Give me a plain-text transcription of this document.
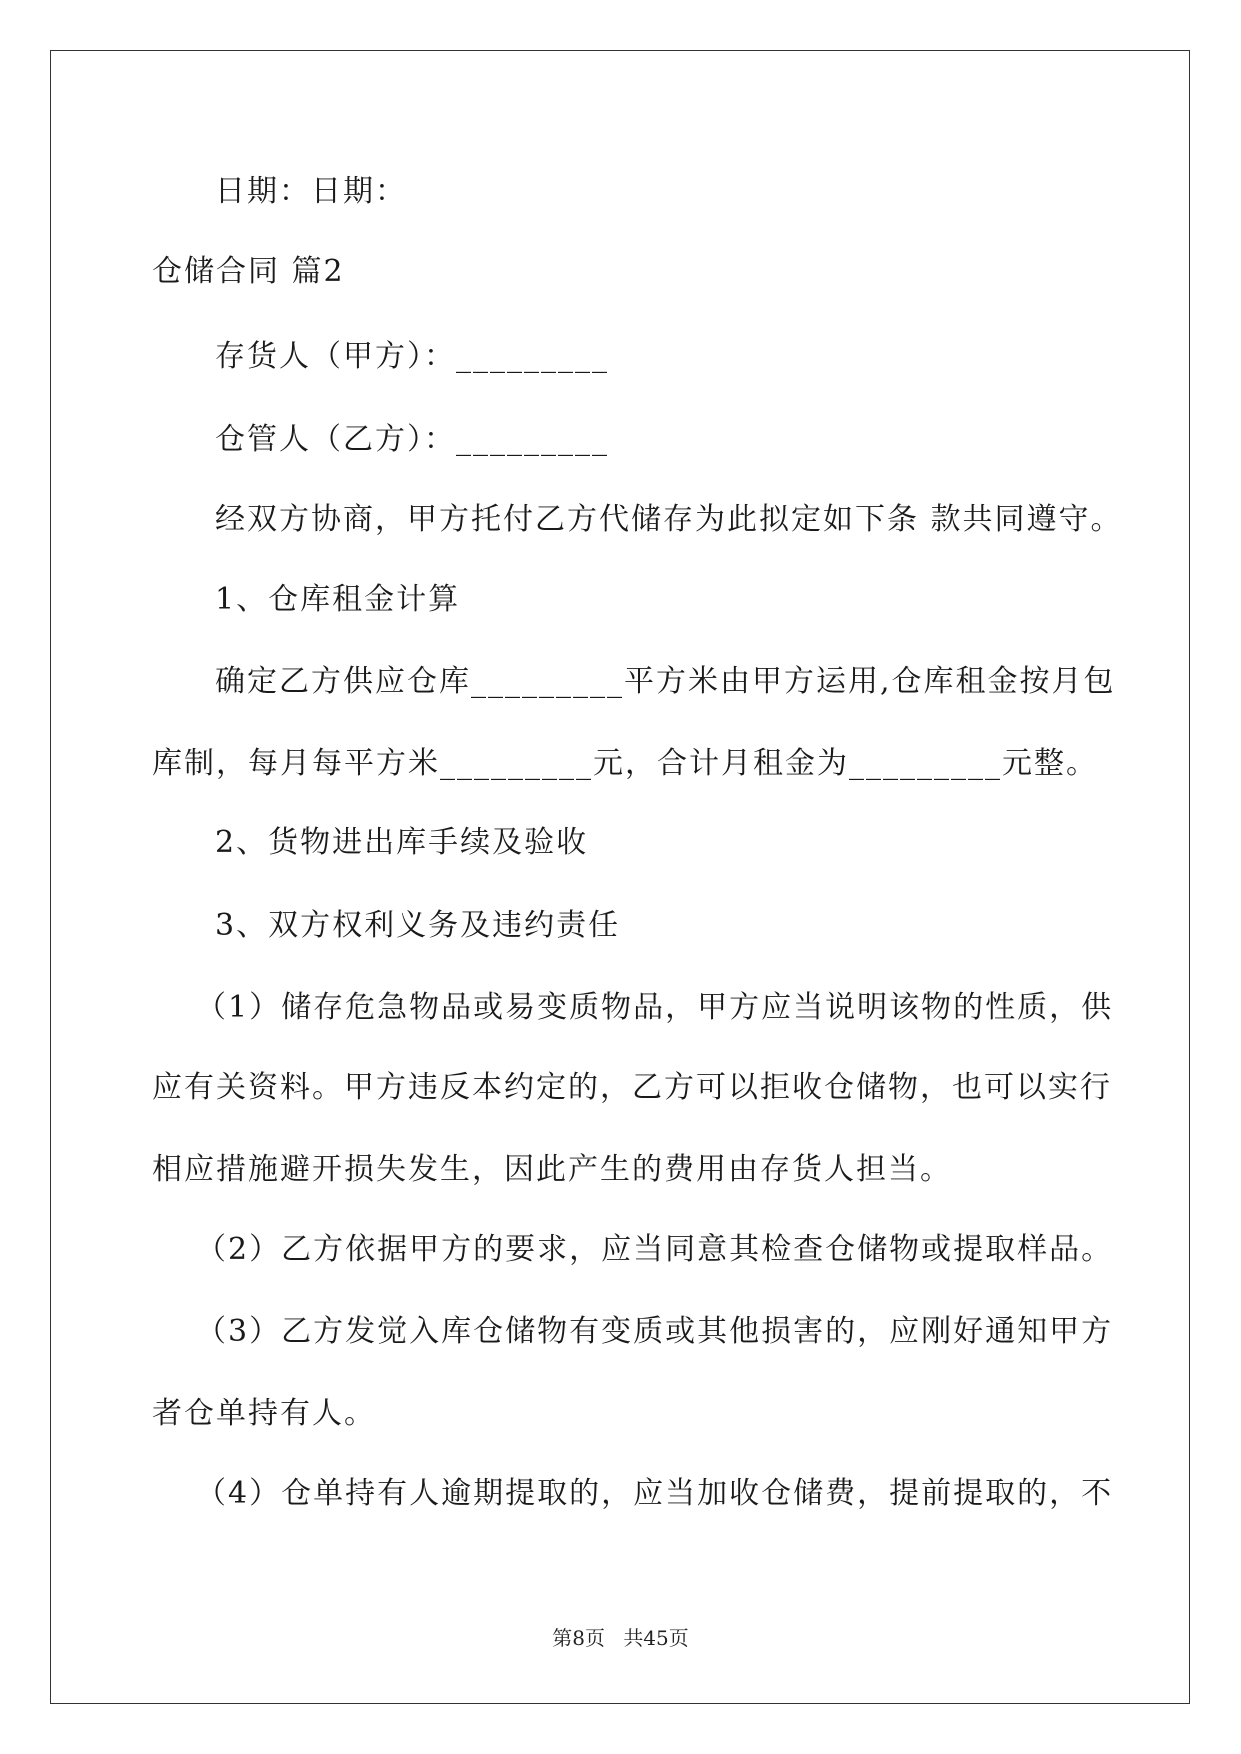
日期：日期：
仓储合同 篇2
存货人（甲方）：_________
仓管人（乙方）：_________
经双方协商，甲方托付乙方代储存为此拟定如下条 款共同遵守。
1、仓库租金计算
确定乙方供应仓库_________平方米由甲方运用,仓库租金按月包
库制，每月每平方米_________元，合计月租金为_________元整。
2、货物进出库手续及验收
3、双方权利义务及违约责任
（1）储存危急物品或易变质物品，甲方应当说明该物的性质，供
应有关资料。甲方违反本约定的，乙方可以拒收仓储物，也可以实行
相应措施避开损失发生，因此产生的费用由存货人担当。
（2）乙方依据甲方的要求，应当同意其检查仓储物或提取样品。
（3）乙方发觉入库仓储物有变质或其他损害的，应刚好通知甲方
者仓单持有人。
（4）仓单持有人逾期提取的，应当加收仓储费，提前提取的，不
第8页 共45页
